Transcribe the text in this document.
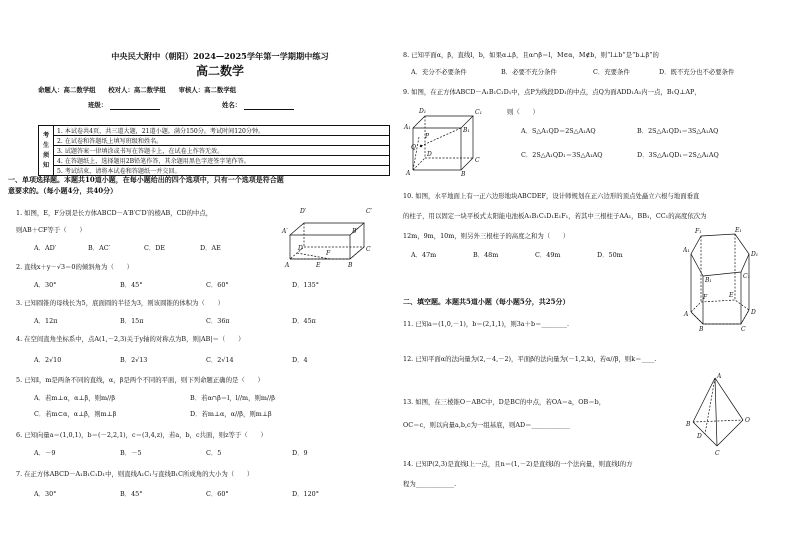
中央民大附中（朝阳）2024—2025学年第一学期期中练习
高二数学
命题人：高二数学组　　校对人：高二数学组　　审核人：高二数学组
班级：	姓名：
考
生
须
知	1. 本试卷共4页，共三道大题，21道小题。满分150分。考试时间120分钟。
2. 在试卷和答题纸上填写班级和姓名。
3. 试题答案一律填涂或书写在答题卡上，在试卷上作答无效。
4. 在答题纸上，选择题用2B铅笔作答，其余题用黑色字迹签字笔作答。
5. 考试结束，请将本试卷和答题纸一并交回。
一、单项选择题。本题共10道小题，在每小题给出的四个选项中，只有一个选项是符合题
意要求的。（每小题4分，共40分）
1. 如图，E，F分别是长方体ABCD－A′B′C′D′的棱AB，CD的中点，
则AB＋CF等于（　　）
A．AD′	B．AC′	C．DE	D．AE
A	E	B
C
F
D
A′	B′
C′
D′
2. 直线x＋y－√3＝0的倾斜角为（　　）
A．30°	B．45°	C．60°	D．135°
3. 已知圆锥的母线长为5，底面圆的半径为3，则该圆锥的体积为（　　）
A．12π	B．15π	C．36π	D．45π
4. 在空间直角坐标系中，点A(1,－2,3)关于y轴的对称点为B，则|AB|＝（　　）
A．2√10	B．2√13	C．2√14	D．4
5. 已知l，m是两条不同的直线，α，β是两个不同的平面，则下列命题正确的是（　　）
A．若m⊥α，α⊥β，则m//β	B．若α∩β＝l，l//m，则m//β
C．若m⊂α，α⊥β，则m⊥β	D．若m⊥α，α//β，则m⊥β
6. 已知向量a＝(1,0,1)，b＝(－2,2,1)，c＝(3,4,z)，若a，b，c共面，则z等于（　　）
A．－9	B．－5	C．5	D．9
7. 在正方体ABCD－A₁B₁C₁D₁中，则直线A₁C₁与直线B₁C所成角的大小为（　　）
A．30°	B．45°	C．60°	D．120°
8. 已知平面α，β，直线l，b，如果α⊥β，且α∩β＝l，M∈α，M∉b，则“l⊥b”是“b⊥β”的
A．充分不必要条件	B．必要不充分条件	C．充要条件	D．既不充分也不必要条件
9. 如图，在正方体ABCD－A₁B₁C₁D₁中，点P为线段DD₁的中点，点Q为面ADD₁A₁内一点，B₁Q⊥AP，
则（　　）
A．S△A₁QD＝2S△A₁AQ	B．2S△A₁QD₁＝3S△A₁AQ
C．2S△A₁QD₁＝3S△A₁AQ	D．3S△A₁QD₁＝2S△A₁AQ
D₁	C₁
A₁	B₁
P
Q
D
C
A	B
10. 如图，水平地面上有一正六边形地块ABCDEF，设计师规划在正六边形的顶点处矗立六根与地面垂直
的柱子，用以固定一块平板式太阳能电池板A₁B₁C₁D₁E₁F₁，若其中三根柱子AA₁，BB₁，CC₁的高度依次为
12m，9m，10m，则另外三根柱子的高度之和为（　　）
A．47m	B．48m	C．49m	D．50m
F₁	E₁
D₁
A₁
B₁
C₁
F	E
D
A
B	C
二、填空题。本题共5道小题（每小题5分，共25分）
11. 已知a＝(1,0,－1)，b＝(2,1,1)，则3a＋b＝________.
12. 已知平面α的法向量为(2,－4,－2)，平面β的法向量为(－1,2,k)，若α//β，则k＝____.
13. 如图，在三棱锥O－ABC中，D是BC的中点，若OA＝a，OB＝b，
OC＝c，则以向量a,b,c为一组基底，则AD＝____________
14. 已知P(2,3)是直线l上一点，且n＝(1,－2)是直线l的一个法向量，则直线l的方
程为____________.
A
O
B
D
C
